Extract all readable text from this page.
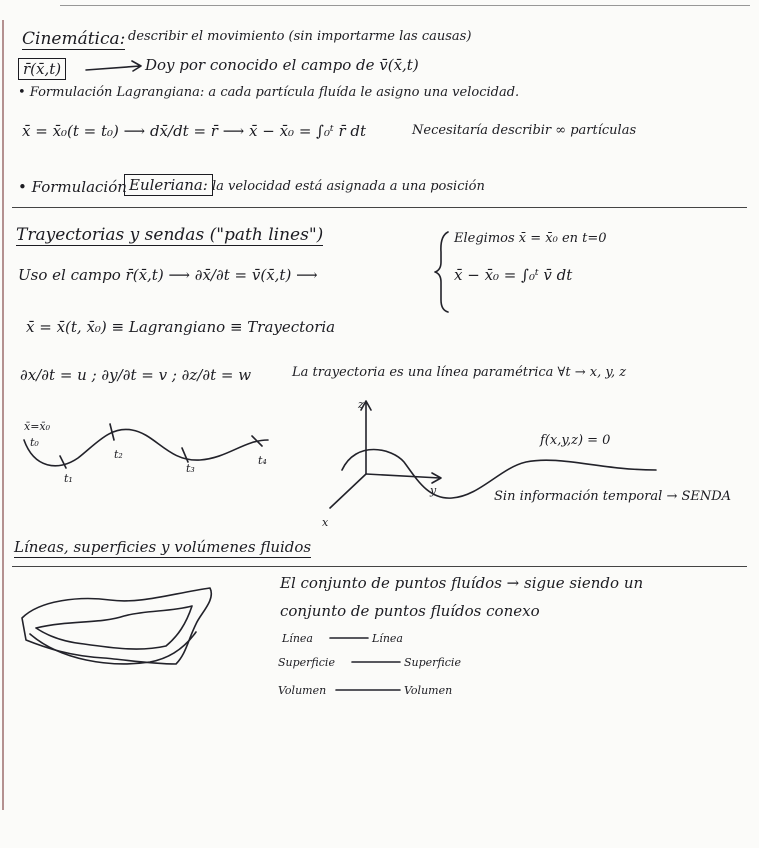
Cinemática: describir el movimiento (sin importarme las causas)
r̄(x̄,t)	Doy por conocido el campo de v̄(x̄,t)
• Formulación Lagrangiana: a cada partícula fluída le asigno una velocidad.
x̄ = x̄₀(t = t₀) ⟶ dx̄/dt = r̄ ⟶ x̄ − x̄₀ = ∫₀ᵗ r̄ dt	Necesitaría describir ∞ partículas
• Formulación Euleriana: la velocidad está asignada a una posición
Trayectorias y sendas ("path lines")
Uso el campo r̄(x̄,t) ⟶ ∂x̄/∂t = v̄(x̄,t) ⟶
Elegimos x̄ = x̄₀ en t=0
x̄ − x̄₀ = ∫₀ᵗ v̄ dt
x̄ = x̄(t, x̄₀) ≡ Lagrangiano ≡ Trayectoria
∂x/∂t = u ; ∂y/∂t = v ; ∂z/∂t = w	La trayectoria es una línea paramétrica ∀t → x, y, z
x̄=x̄₀
t₀
t₁
t₂
t₃
t₄
z
y
x
f(x,y,z) = 0
Sin información temporal → SENDA
Líneas, superficies y volúmenes fluidos
El conjunto de puntos fluídos → sigue siendo un
conjunto de puntos fluídos conexo
Línea	Línea
Superficie	Superficie
Volumen	Volumen
